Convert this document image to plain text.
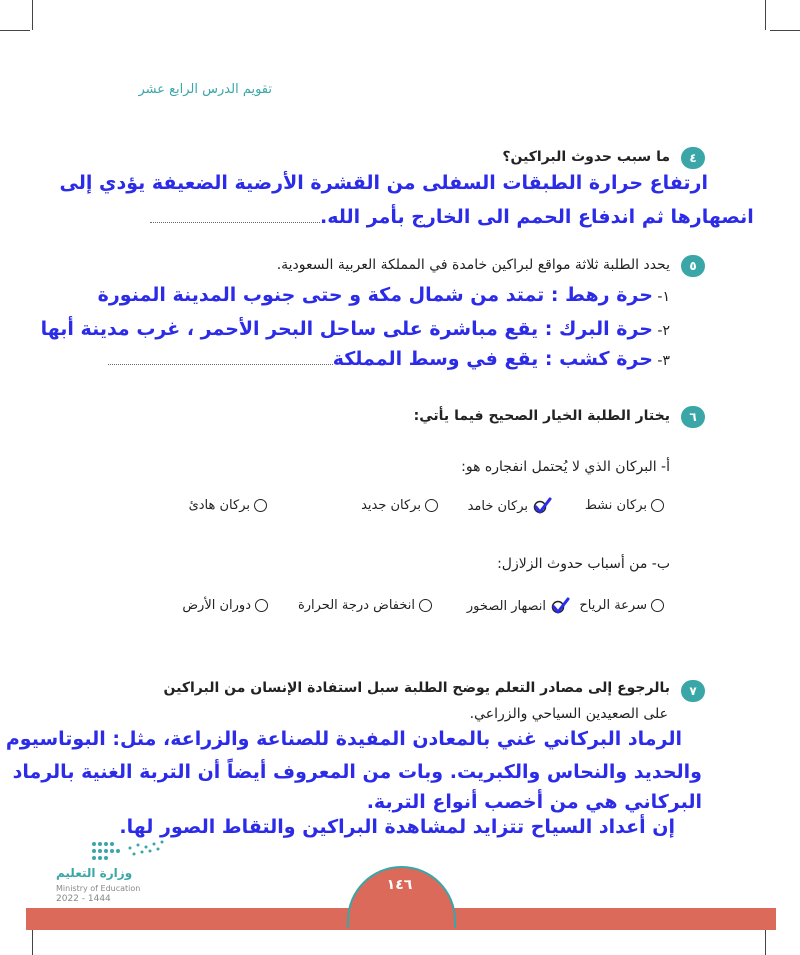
تقويم الدرس الرابع عشر
٤
ما سبب حدوث البراكين؟
ارتفاع حرارة الطبقات السفلى من القشرة الأرضية الضعيفة يؤدي إلى
انصهارها ثم اندفاع الحمم الى الخارج بأمر الله.
٥
يحدد الطلبة ثلاثة مواقع لبراكين خامدة في المملكة العربية السعودية.
١- حرة رهط : تمتد من شمال مكة و حتى جنوب المدينة المنورة
٢- حرة البرك : يقع مباشرة على ساحل البحر الأحمر ، غرب مدينة أبها
٣- حرة كشب : يقع في وسط المملكة
٦
يختار الطلبة الخيار الصحيح فيما يأتي:
أ- البركان الذي لا يُحتمل انفجاره هو:
بركان نشط
بركان خامد
بركان جديد
بركان هادئ
ب- من أسباب حدوث الزلازل:
سرعة الرياح
انصهار الصخور
انخفاض درجة الحرارة
دوران الأرض
٧
بالرجوع إلى مصادر التعلم يوضح الطلبة سبل استفادة الإنسان من البراكين
على الصعيدين السياحي والزراعي.
الرماد البركاني غني بالمعادن المفيدة للصناعة والزراعة، مثل: البوتاسيوم
والحديد والنحاس والكبريت. وبات من المعروف أيضاً أن التربة الغنية بالرماد
البركاني هي من أخصب أنواع التربة.
إن أعداد السياح تتزايد لمشاهدة البراكين والتقاط الصور لها.
وزارة التعليم
Ministry of Education
2022 - 1444
١٤٦
